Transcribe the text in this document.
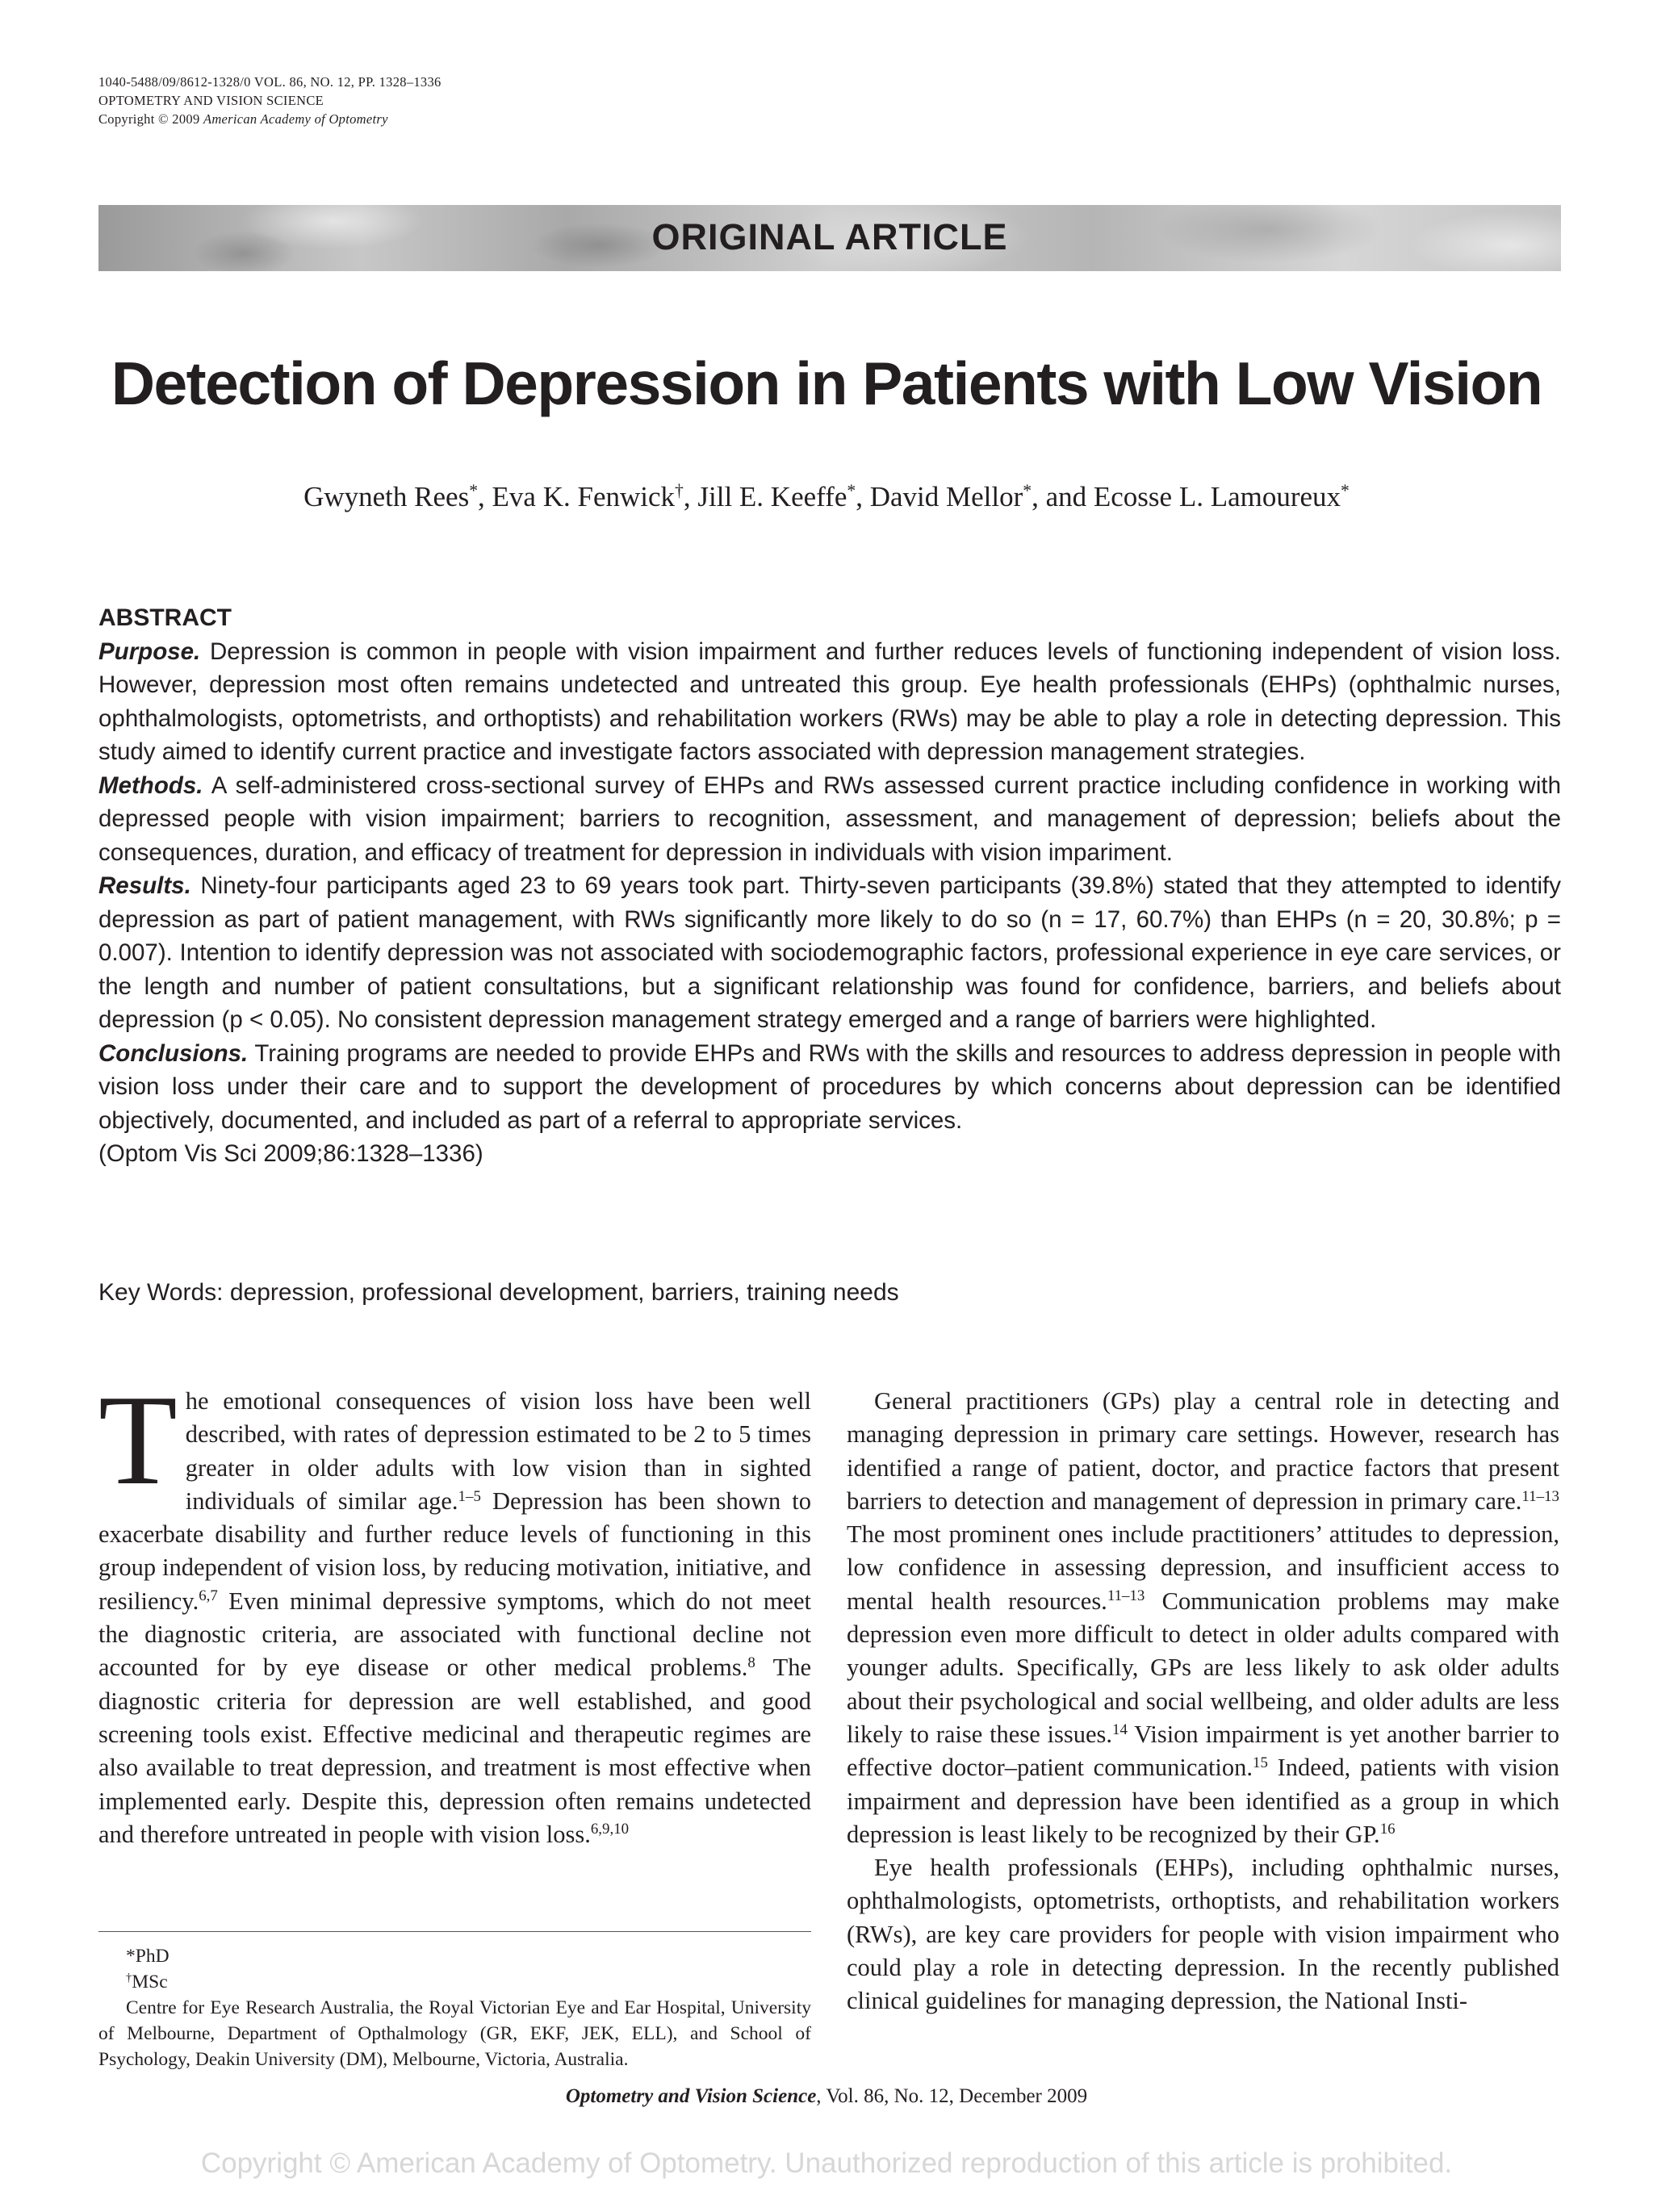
1040-5488/09/8612-1328/0 VOL. 86, NO. 12, PP. 1328–1336
OPTOMETRY AND VISION SCIENCE
Copyright © 2009 American Academy of Optometry
ORIGINAL ARTICLE
Detection of Depression in Patients with Low Vision
Gwyneth Rees*, Eva K. Fenwick†, Jill E. Keeffe*, David Mellor*, and Ecosse L. Lamoureux*
ABSTRACT

Purpose. Depression is common in people with vision impairment and further reduces levels of functioning independent of vision loss. However, depression most often remains undetected and untreated this group. Eye health professionals (EHPs) (ophthalmic nurses, ophthalmologists, optometrists, and orthoptists) and rehabilitation workers (RWs) may be able to play a role in detecting depression. This study aimed to identify current practice and investigate factors associated with depression management strategies.

Methods. A self-administered cross-sectional survey of EHPs and RWs assessed current practice including confidence in working with depressed people with vision impairment; barriers to recognition, assessment, and management of depression; beliefs about the consequences, duration, and efficacy of treatment for depression in individuals with vision impariment.

Results. Ninety-four participants aged 23 to 69 years took part. Thirty-seven participants (39.8%) stated that they attempted to identify depression as part of patient management, with RWs significantly more likely to do so (n = 17, 60.7%) than EHPs (n = 20, 30.8%; p = 0.007). Intention to identify depression was not associated with sociodemographic factors, professional experience in eye care services, or the length and number of patient consultations, but a significant relationship was found for confidence, barriers, and beliefs about depression (p < 0.05). No consistent depression management strategy emerged and a range of barriers were highlighted.

Conclusions. Training programs are needed to provide EHPs and RWs with the skills and resources to address depression in people with vision loss under their care and to support the development of procedures by which concerns about depression can be identified objectively, documented, and included as part of a referral to appropriate services.

(Optom Vis Sci 2009;86:1328–1336)

Key Words: depression, professional development, barriers, training needs

The emotional consequences of vision loss have been well described, with rates of depression estimated to be 2 to 5 times greater in older adults with low vision than in sighted individuals of similar age.$^{1-5}$ Depression has been shown to exacerbate disability and further reduce levels of functioning in this group independent of vision loss, by reducing motivation, initiative, and resiliency.$^{6,7}$ Even minimal depressive symptoms, which do not meet the diagnostic criteria, are associated with functional decline not accounted for by eye disease or other medical problems.$^8$ The diagnostic criteria for depression are well established, and good screening tools exist. Effective medicinal and therapeutic regimes are also available to treat depression, and treatment is most effective when implemented early. Despite this, depression often remains undetected and therefore untreated in people with vision loss.$^{6,9,10}$

General practitioners (GPs) play a central role in detecting and managing depression in primary care settings. However, research has identified a range of patient, doctor, and practice factors that present barriers to detection and management of depression in primary care.$^{11-13}$ The most prominent ones include practitioners’ attitudes to depression, low confidence in assessing depression, and insufficient access to mental health resources.$^{11-13}$ Communication problems may make depression even more difficult to detect in older adults compared with younger adults. Specifically, GPs are less likely to ask older adults about their psychological and social wellbeing, and older adults are less likely to raise these issues.$^{14}$ Vision impairment is yet another barrier to effective doctor–patient communication.$^{15}$ Indeed, patients with vision impairment and depression have been identified as a group in which depression is least likely to be recognized by their GP.$^{16}$

Eye health professionals (EHPs), including ophthalmic nurses, ophthalmologists, optometrists, orthoptists, and rehabilitation workers (RWs), are key care providers for people with vision impairment who could play a role in detecting depression. In the recently published clinical guidelines for managing depression, the National Insti-

*PhD

†MSc

Centre for Eye Research Australia, the Royal Victorian Eye and Ear Hospital, University of Melbourne, Department of Opthalmology (GR, EKF, JEK, ELL), and School of Psychology, Deakin University (DM), Melbourne, Victoria, Australia.

Optometry and Vision Science, Vol. 86, No. 12, December 2009
Copyright © American Academy of Optometry. Unauthorized reproduction of this article is prohibited.
